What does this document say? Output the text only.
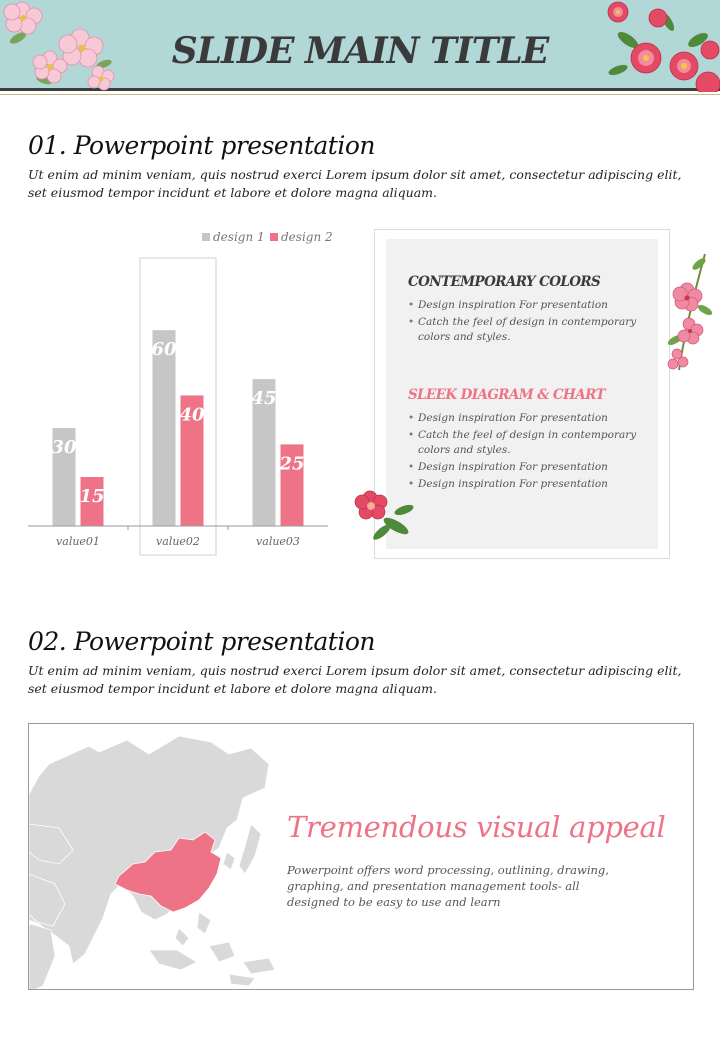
SLIDE MAIN TITLE
01. Powerpoint presentation
Ut enim ad minim veniam, quis nostrud exerci Lorem ipsum dolor sit amet, consectetur adipiscing elit, set eiusmod tempor incidunt et labore et dolore magna aliquam.
30
15
value01
60
40
value02
45
25
value03
design 1 design 2
CONTEMPORARY COLORS
• Design inspiration For presentation
• Catch the feel of design in contemporary colors and styles.
SLEEK DIAGRAM & CHART
• Design inspiration For presentation
• Catch the feel of design in contemporary colors and styles.
• Design inspiration For presentation
• Design inspiration For presentation
02. Powerpoint presentation
Ut enim ad minim veniam, quis nostrud exerci Lorem ipsum dolor sit amet, consectetur adipiscing elit, set eiusmod tempor incidunt et labore et dolore magna aliquam.
Tremendous visual appeal
Powerpoint offers word processing, outlining, drawing, graphing, and presentation management tools- all designed to be easy to use and learn
